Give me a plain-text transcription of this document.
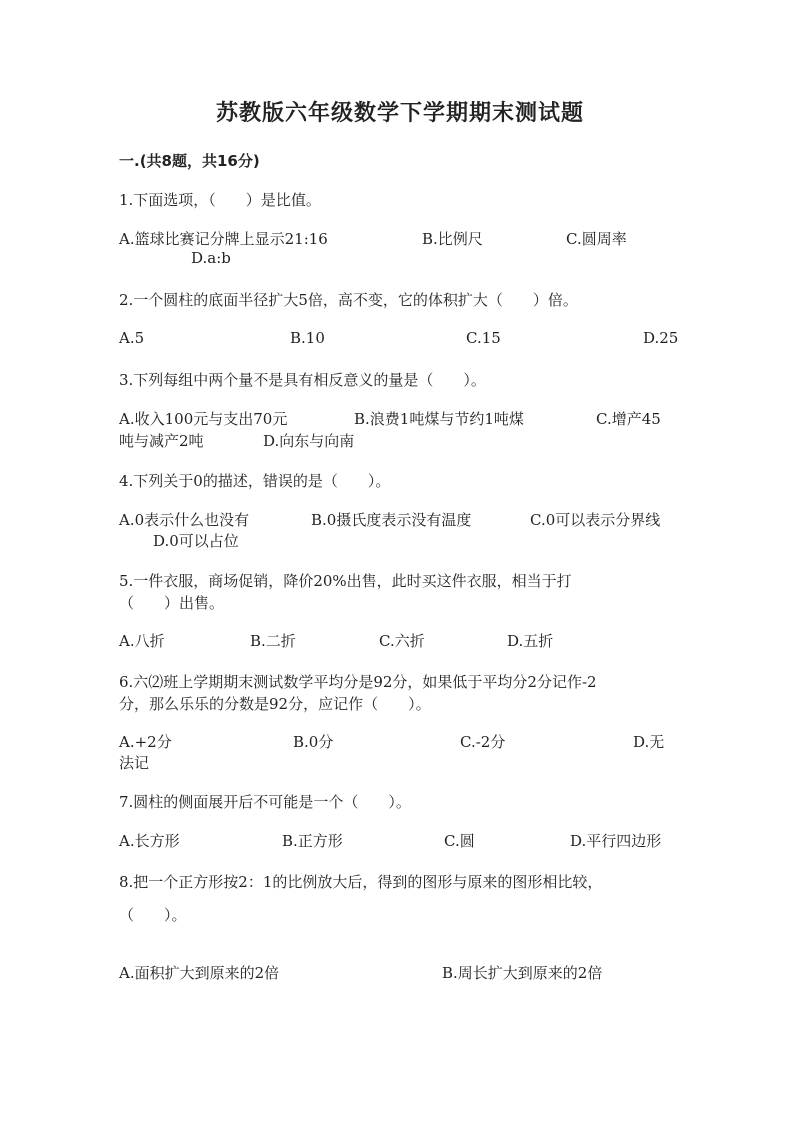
苏教版六年级数学下学期期末测试题
一.(共8题，共16分)
1.下面选项，（　　）是比值。
A.篮球比赛记分牌上显示21:16	B.比例尺	C.圆周率
D.a:b
2.一个圆柱的底面半径扩大5倍，高不变，它的体积扩大（　　）倍。
A.5	B.10	C.15	D.25
3.下列每组中两个量不是具有相反意义的量是（　　）。
A.收入100元与支出70元	B.浪费1吨煤与节约1吨煤	C.增产45
吨与减产2吨	D.向东与向南
4.下列关于0的描述，错误的是（　　）。
A.0表示什么也没有	B.0摄氏度表示没有温度	C.0可以表示分界线
D.0可以占位
5.一件衣服，商场促销，降价20%出售，此时买这件衣服，相当于打
（　　）出售。
A.八折	B.二折	C.六折	D.五折
6.六⑵班上学期期末测试数学平均分是92分，如果低于平均分2分记作-2
分，那么乐乐的分数是92分，应记作（　　）。
A.+2分	B.0分	C.-2分	D.无
法记
7.圆柱的侧面展开后不可能是一个（　　）。
A.长方形	B.正方形	C.圆	D.平行四边形
8.把一个正方形按2：1的比例放大后，得到的图形与原来的图形相比较，
（　　）。
A.面积扩大到原来的2倍	B.周长扩大到原来的2倍
